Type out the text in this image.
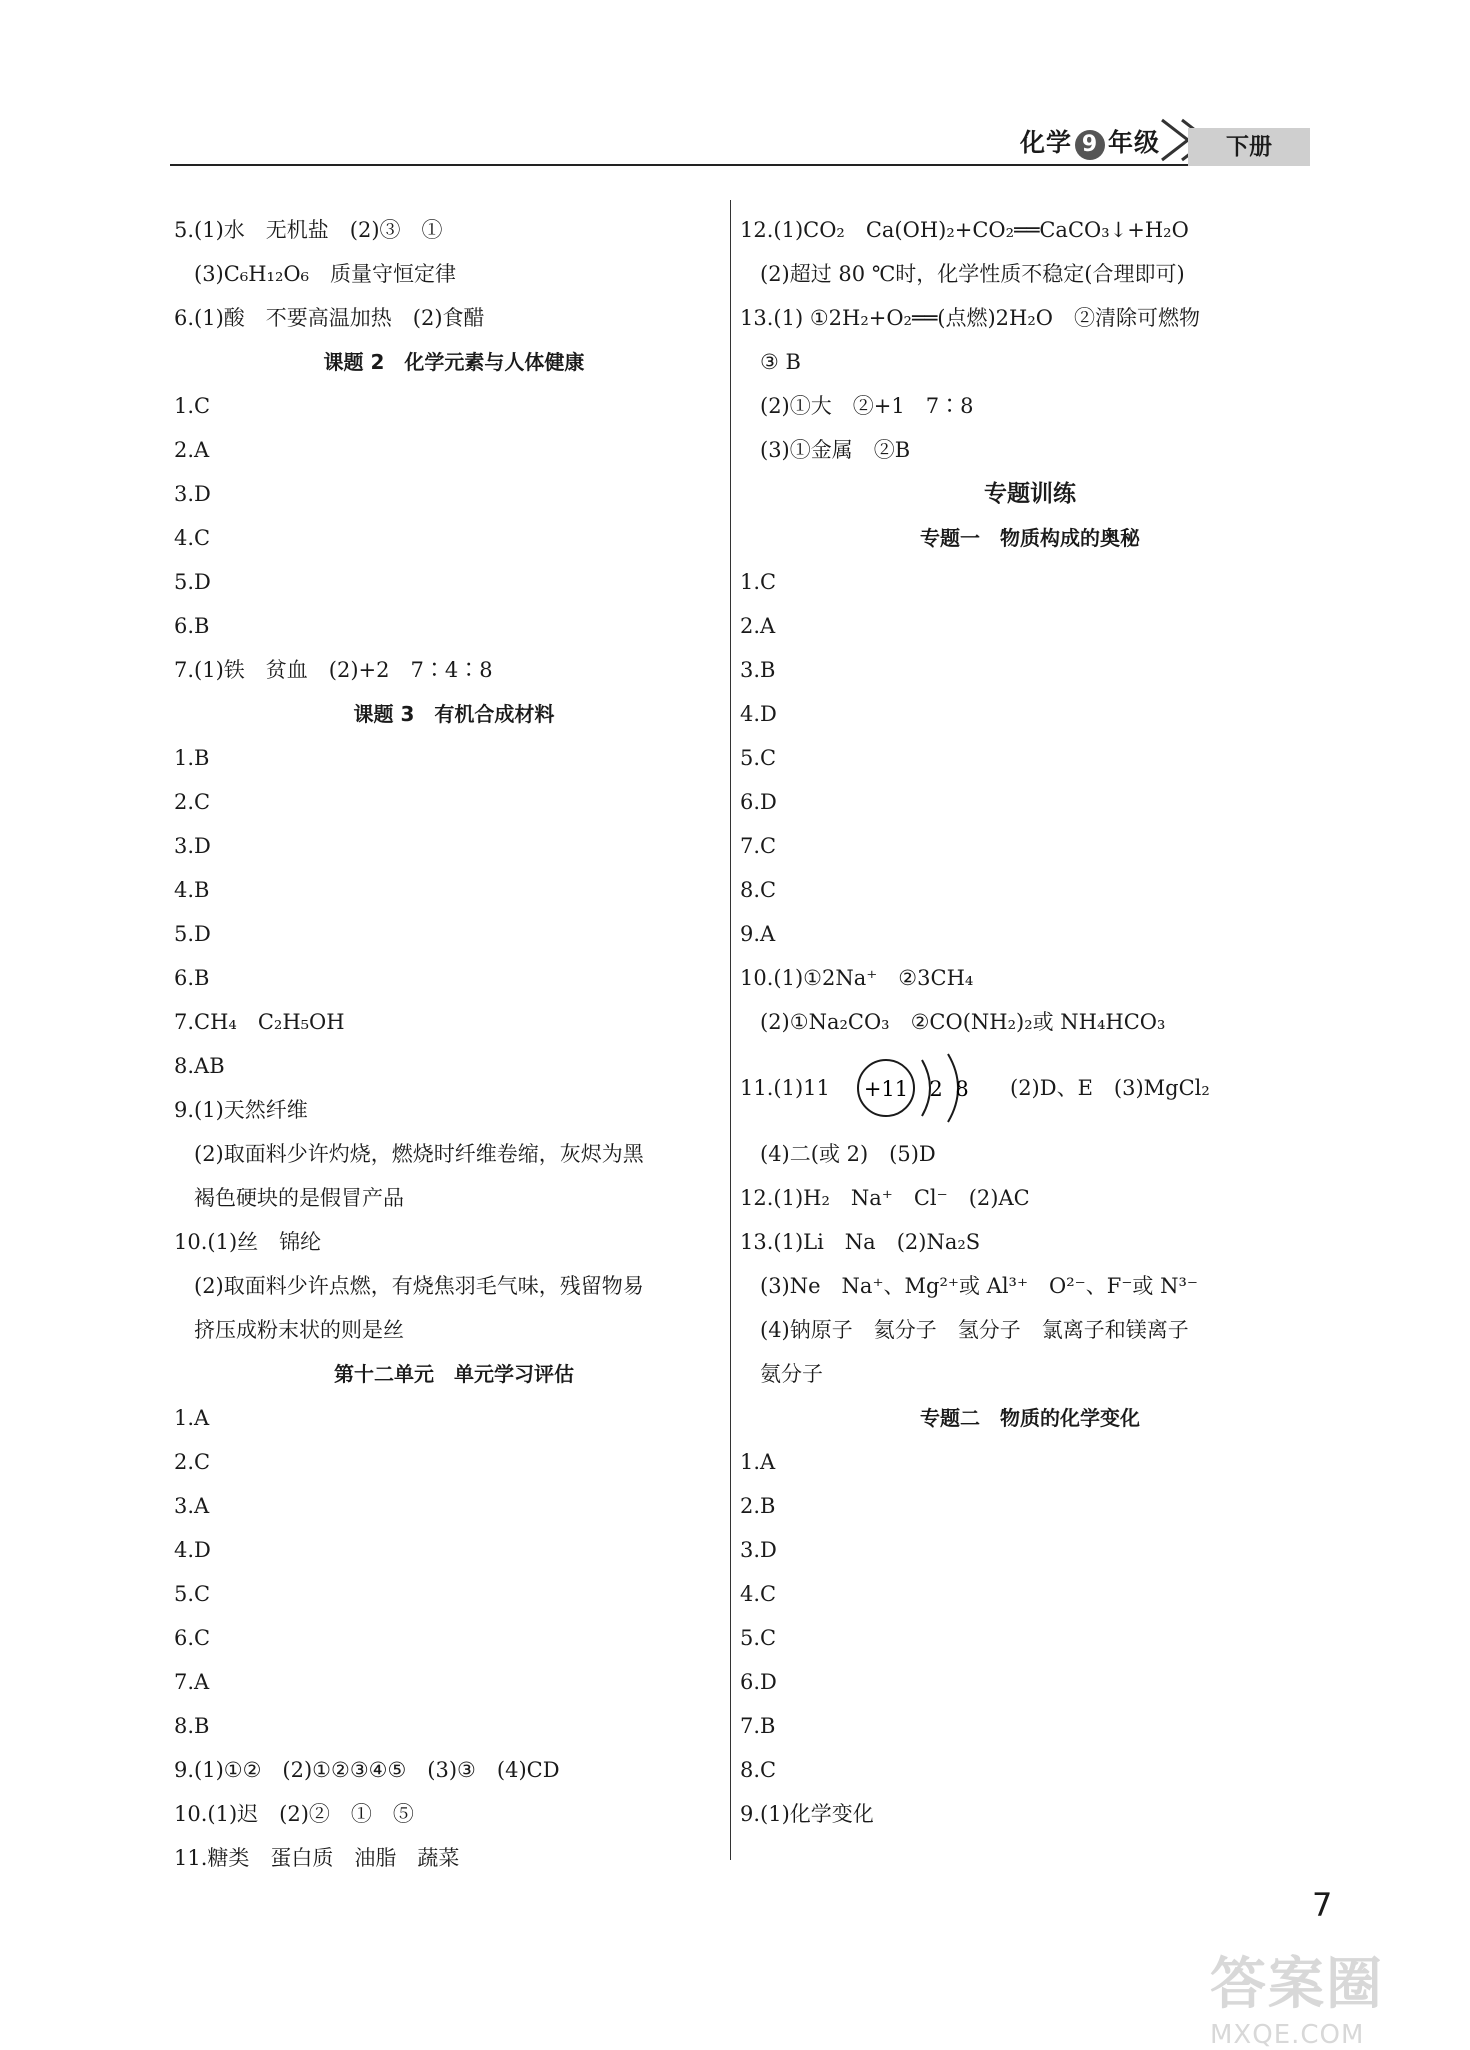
化学 9 年级	下册
5.(1)水　无机盐　(2)③　①
(3)C₆H₁₂O₆　质量守恒定律
6.(1)酸　不要高温加热　(2)食醋
课题 2　化学元素与人体健康
1.C
2.A
3.D
4.C
5.D
6.B
7.(1)铁　贫血　(2)+2　7∶4∶8
课题 3　有机合成材料
1.B
2.C
3.D
4.B
5.D
6.B
7.CH₄　C₂H₅OH
8.AB
9.(1)天然纤维
(2)取面料少许灼烧，燃烧时纤维卷缩，灰烬为黑
褐色硬块的是假冒产品
10.(1)丝　锦纶
(2)取面料少许点燃，有烧焦羽毛气味，残留物易
挤压成粉末状的则是丝
第十二单元　单元学习评估
1.A
2.C
3.A
4.D
5.C
6.C
7.A
8.B
9.(1)①②　(2)①②③④⑤　(3)③　(4)CD
10.(1)迟　(2)②　①　⑤
11.糖类　蛋白质　油脂　蔬菜
12.(1)CO₂　Ca(OH)₂+CO₂══CaCO₃↓+H₂O
(2)超过 80 ℃时，化学性质不稳定(合理即可)
13.(1) ①2H₂+O₂══(点燃)2H₂O　②清除可燃物
③ B
(2)①大　②+1　7∶8
(3)①金属　②B
专题训练
专题一　物质构成的奥秘
1.C
2.A
3.B
4.D
5.C
6.D
7.C
8.C
9.A
10.(1)①2Na⁺　②3CH₄
(2)①Na₂CO₃　②CO(NH₂)₂或 NH₄HCO₃
11.(1)11 +11 2 8 (2)D、E　(3)MgCl₂
(4)二(或 2)　(5)D
12.(1)H₂　Na⁺　Cl⁻　(2)AC
13.(1)Li　Na　(2)Na₂S
(3)Ne　Na⁺、Mg²⁺或 Al³⁺　O²⁻、F⁻或 N³⁻
(4)钠原子　氦分子　氢分子　氯离子和镁离子
氨分子
专题二　物质的化学变化
1.A
2.B
3.D
4.C
5.C
6.D
7.B
8.C
9.(1)化学变化
7
答案圈
MXQE.COM
